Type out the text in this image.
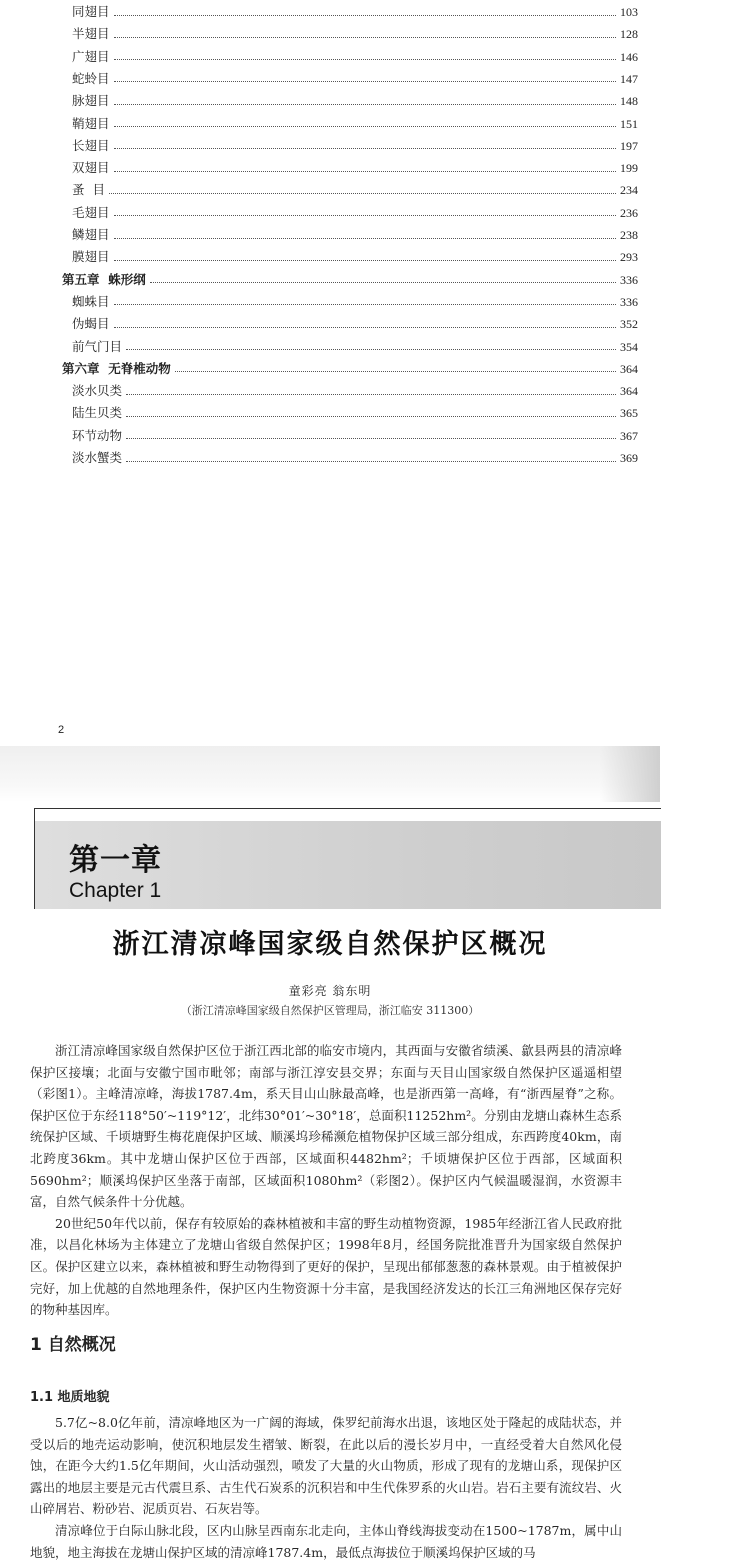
同翅目	103
半翅目	128
广翅目	146
蛇蛉目	147
脉翅目	148
鞘翅目	151
长翅目	197
双翅目	199
蚤  目	234
毛翅目	236
鳞翅目	238
膜翅目	293
第五章  蛛形纲	336
蜘蛛目	336
伪蝎目	352
前气门目	354
第六章  无脊椎动物	364
淡水贝类	364
陆生贝类	365
环节动物	367
淡水蟹类	369
2
第一章
Chapter 1
浙江清凉峰国家级自然保护区概况
童彩亮 翁东明
（浙江清凉峰国家级自然保护区管理局，浙江临安 311300）

浙江清凉峰国家级自然保护区位于浙江西北部的临安市境内，其西面与安徽省绩溪、歙县两县的清凉峰保护区接壤；北面与安徽宁国市毗邻；南部与浙江淳安县交界；东面与天目山国家级自然保护区遥遥相望（彩图1）。主峰清凉峰，海拔1787.4m，系天目山山脉最高峰，也是浙西第一高峰，有“浙西屋脊”之称。保护区位于东经118°50′~119°12′，北纬30°01′~30°18′，总面积11252hm²。分别由龙塘山森林生态系统保护区域、千顷塘野生梅花鹿保护区域、顺溪坞珍稀濒危植物保护区域三部分组成，东西跨度40km，南北跨度36km。其中龙塘山保护区位于西部，区域面积4482hm²；千顷塘保护区位于西部，区域面积5690hm²；顺溪坞保护区坐落于南部，区域面积1080hm²（彩图2）。保护区内气候温暖湿润，水资源丰富，自然气候条件十分优越。

20世纪50年代以前，保存有较原始的森林植被和丰富的野生动植物资源，1985年经浙江省人民政府批准，以昌化林场为主体建立了龙塘山省级自然保护区；1998年8月，经国务院批准晋升为国家级自然保护区。保护区建立以来，森林植被和野生动物得到了更好的保护，呈现出郁郁葱葱的森林景观。由于植被保护完好，加上优越的自然地理条件，保护区内生物资源十分丰富，是我国经济发达的长江三角洲地区保存完好的物种基因库。

1 自然概况
1.1 地质地貌

5.7亿~8.0亿年前，清凉峰地区为一广阔的海域，侏罗纪前海水出退，该地区处于隆起的成陆状态，并受以后的地壳运动影响，使沉积地层发生褶皱、断裂，在此以后的漫长岁月中，一直经受着大自然风化侵蚀，在距今大约1.5亿年期间，火山活动强烈，喷发了大量的火山物质，形成了现有的龙塘山系，现保护区露出的地层主要是元古代震旦系、古生代石炭系的沉积岩和中生代侏罗系的火山岩。岩石主要有流纹岩、火山碎屑岩、粉砂岩、泥质页岩、石灰岩等。

清凉峰位于白际山脉北段，区内山脉呈西南东北走向，主体山脊线海拔变动在1500~1787m，属中山地貌，地主海拔在龙塘山保护区域的清凉峰1787.4m，最低点海拔位于顺溪坞保护区域的马
